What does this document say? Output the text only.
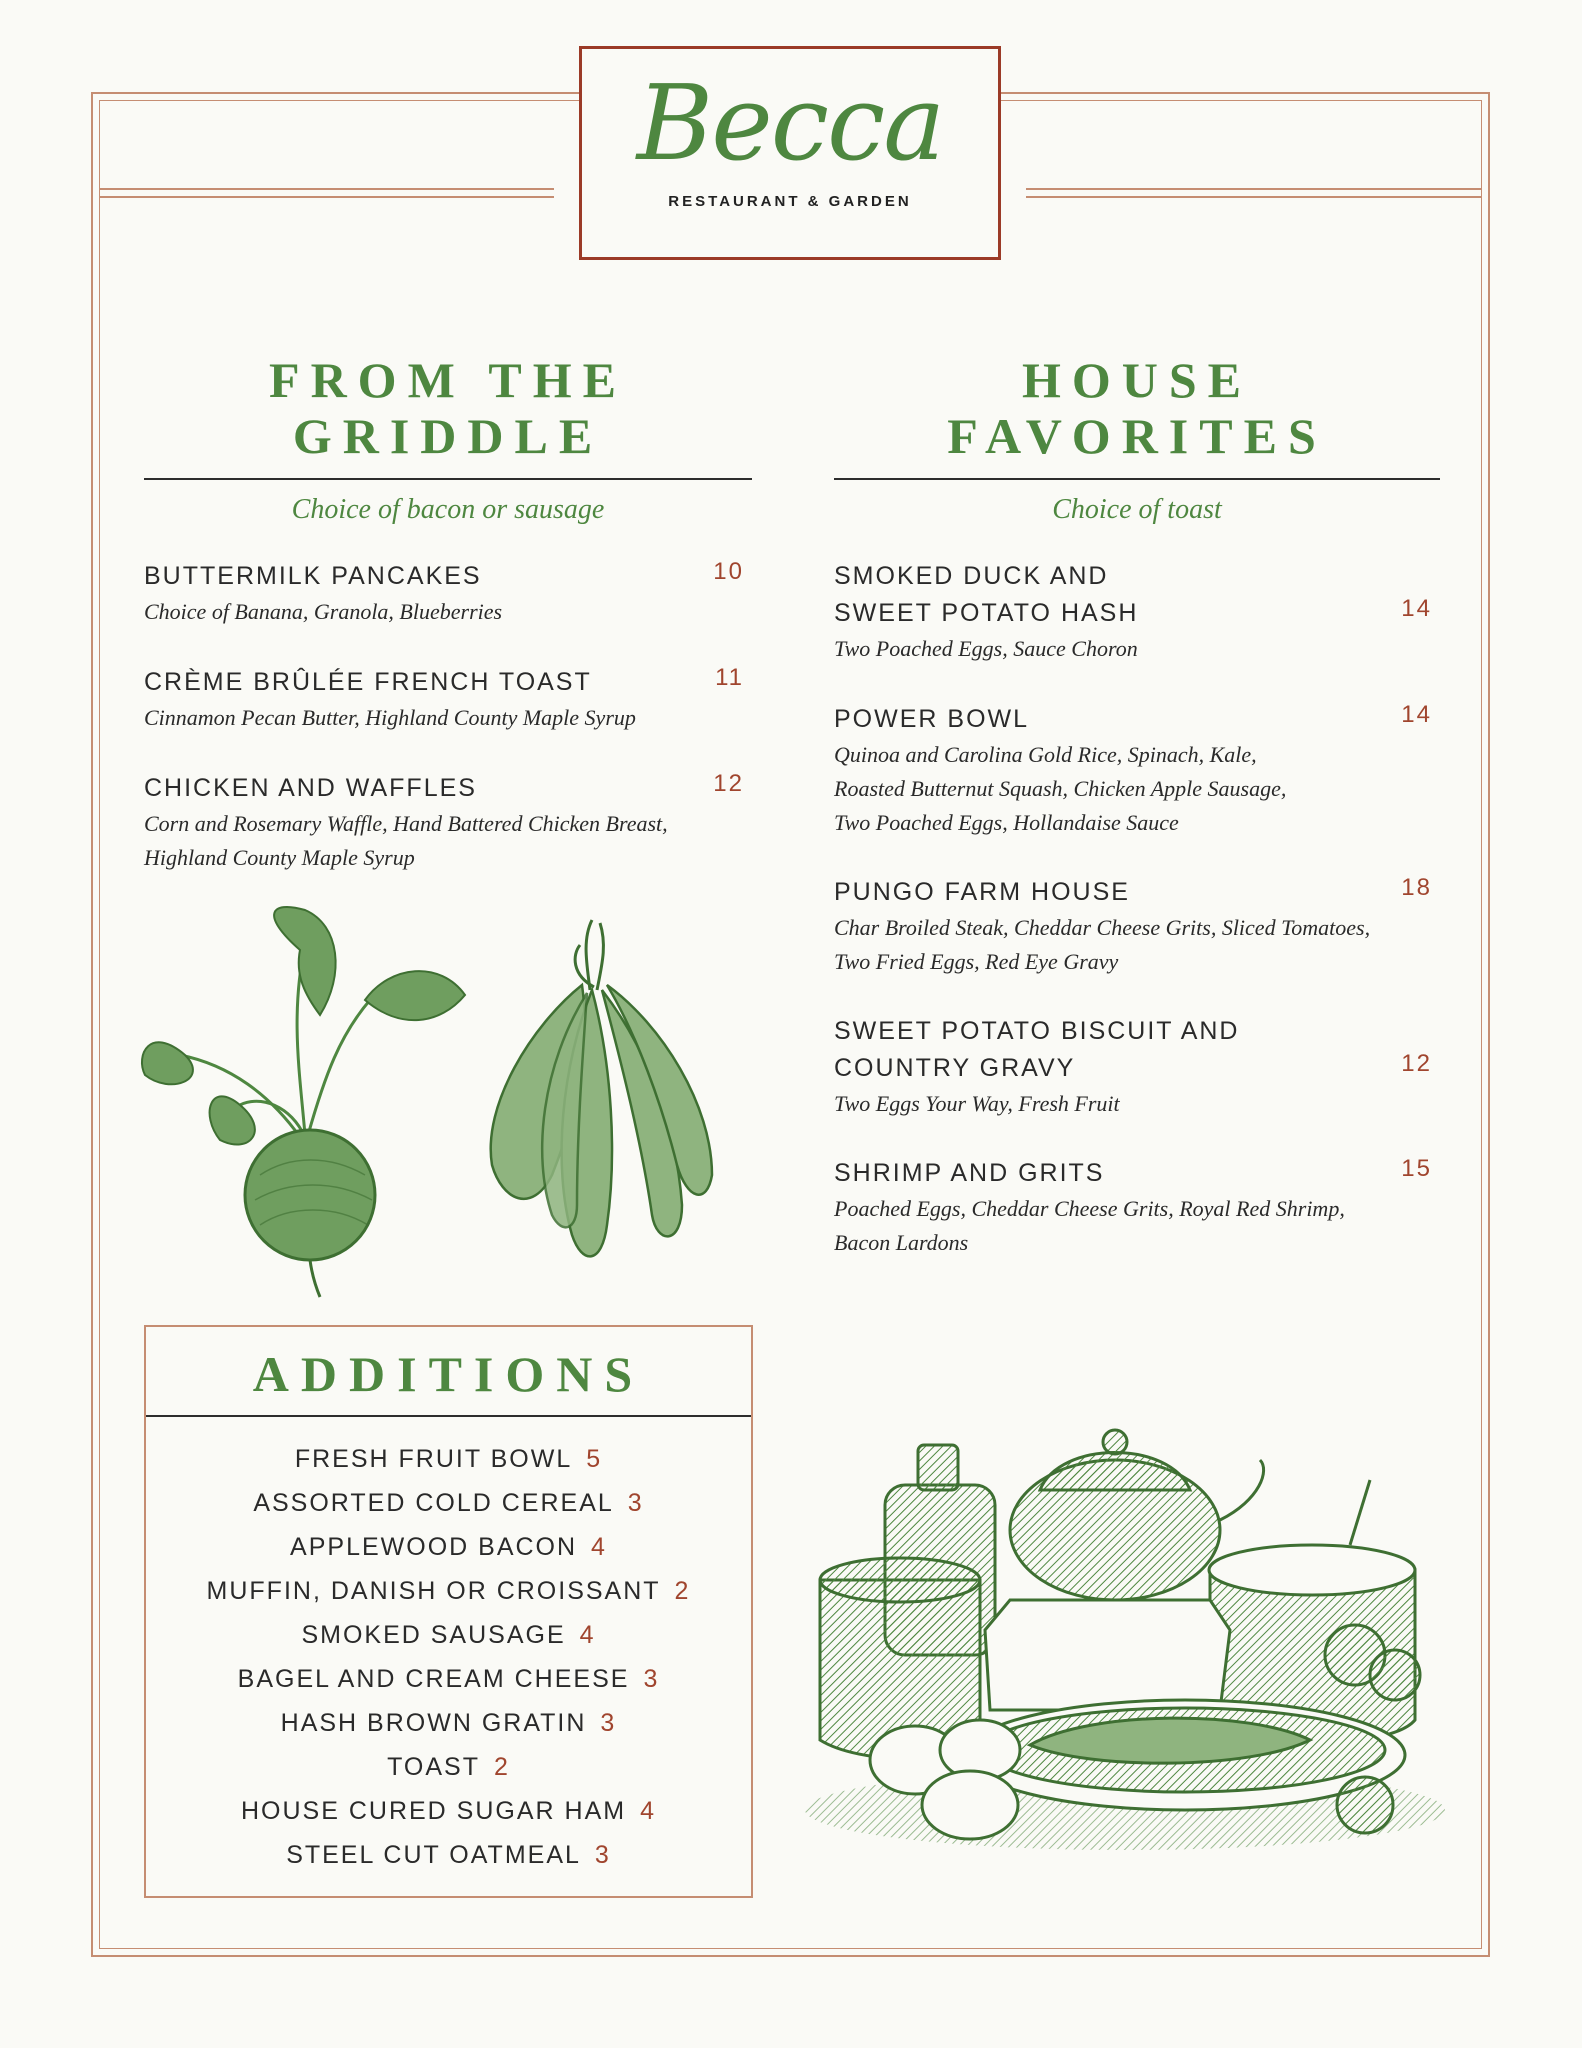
Becca
RESTAURANT & GARDEN
FROM THE
GRIDDLE
Choice of bacon or sausage
BUTTERMILK PANCAKES	10
Choice of Banana, Granola, Blueberries
CRÈME BRÛLÉE FRENCH TOAST	11
Cinnamon Pecan Butter, Highland County Maple Syrup
CHICKEN AND WAFFLES	12
Corn and Rosemary Waffle, Hand Battered Chicken Breast,
Highland County Maple Syrup
HOUSE
FAVORITES
Choice of toast
SMOKED DUCK AND
SWEET POTATO HASH	14
Two Poached Eggs, Sauce Choron
POWER BOWL	14
Quinoa and Carolina Gold Rice, Spinach, Kale,
Roasted Butternut Squash, Chicken Apple Sausage,
Two Poached Eggs, Hollandaise Sauce
PUNGO FARM HOUSE	18
Char Broiled Steak, Cheddar Cheese Grits, Sliced Tomatoes,
Two Fried Eggs, Red Eye Gravy
SWEET POTATO BISCUIT AND
COUNTRY GRAVY	12
Two Eggs Your Way, Fresh Fruit
SHRIMP AND GRITS	15
Poached Eggs, Cheddar Cheese Grits, Royal Red Shrimp,
Bacon Lardons
ADDITIONS
FRESH FRUIT BOWL 5
ASSORTED COLD CEREAL 3
APPLEWOOD BACON 4
MUFFIN, DANISH OR CROISSANT 2
SMOKED SAUSAGE 4
BAGEL AND CREAM CHEESE 3
HASH BROWN GRATIN 3
TOAST 2
HOUSE CURED SUGAR HAM 4
STEEL CUT OATMEAL 3
